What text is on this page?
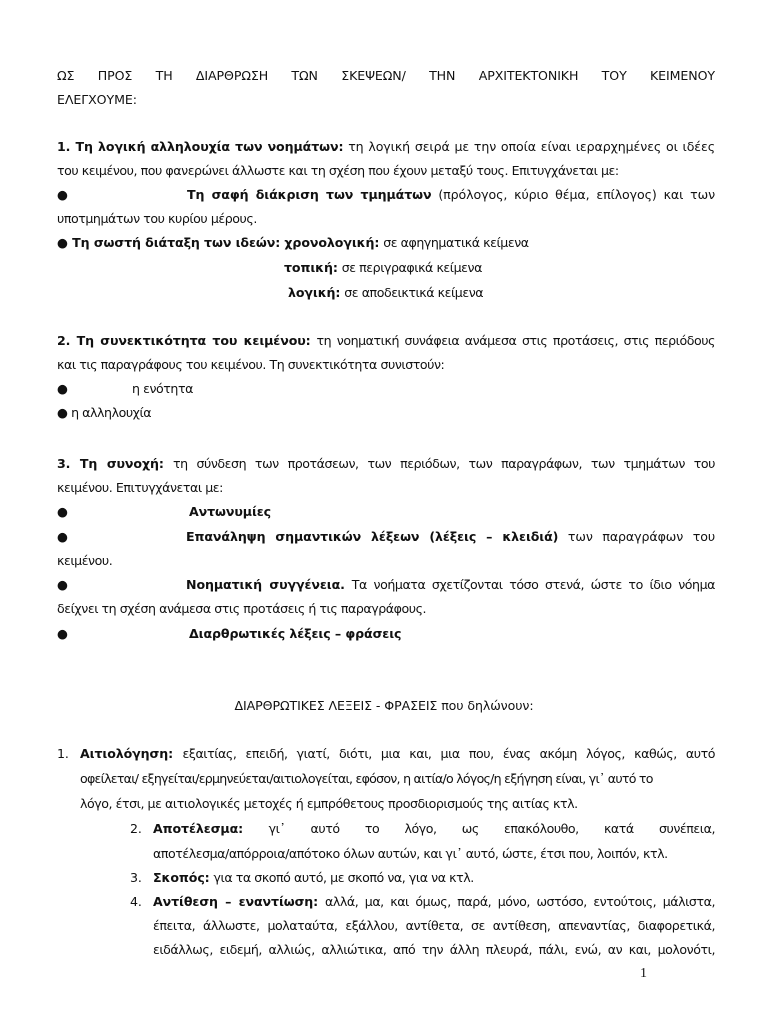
ΩΣ ΠΡΟΣ ΤΗ ΔΙΑΡΘΡΩΣΗ ΤΩΝ ΣΚΕΨΕΩΝ/ ΤΗΝ ΑΡΧΙΤΕΚΤΟΝΙΚΗ ΤΟΥ ΚΕΙΜΕΝΟΥ
ΕΛΕΓΧΟΥΜΕ:
1. Τη λογική αλληλουχία των νοημάτων: τη λογική σειρά με την οποία είναι ιεραρχημένες οι ιδέες
του κειμένου, που φανερώνει άλλωστε και τη σχέση που έχουν μεταξύ τους. Επιτυγχάνεται με:
●	Τη σαφή διάκριση των τμημάτων (πρόλογος, κύριο θέμα, επίλογος) και των
υποτμημάτων του κυρίου μέρους.
● Τη σωστή διάταξη των ιδεών: χρονολογική: σε αφηγηματικά κείμενα
τοπική: σε περιγραφικά κείμενα
λογική: σε αποδεικτικά κείμενα
2. Τη συνεκτικότητα του κειμένου: τη νοηματική συνάφεια ανάμεσα στις προτάσεις, στις περιόδους
και τις παραγράφους του κειμένου. Τη συνεκτικότητα συνιστούν:
●	η ενότητα
● η αλληλουχία
3. Τη συνοχή: τη σύνδεση των προτάσεων, των περιόδων, των παραγράφων, των τμημάτων του
κειμένου. Επιτυγχάνεται με:
●	Αντωνυμίες
●	Επανάληψη σημαντικών λέξεων (λέξεις – κλειδιά) των παραγράφων του
κειμένου.
●	Νοηματική συγγένεια. Τα νοήματα σχετίζονται τόσο στενά, ώστε το ίδιο νόημα
δείχνει τη σχέση ανάμεσα στις προτάσεις ή τις παραγράφους.
●	Διαρθρωτικές λέξεις – φράσεις
ΔΙΑΡΘΡΩΤΙΚΕΣ ΛΕΞΕΙΣ - ΦΡΑΣΕΙΣ που δηλώνουν:
1. Αιτιολόγηση: εξαιτίας, επειδή, γιατί, διότι, μια και, μια που, ένας ακόμη λόγος, καθώς, αυτό
οφείλεται/ εξηγείται/ερμηνεύεται/αιτιολογείται, εφόσον, η αιτία/ο λόγος/η εξήγηση είναι, γι᾽ αυτό το
λόγο, έτσι, με αιτιολογικές μετοχές ή εμπρόθετους προσδιορισμούς της αιτίας κτλ.
2. Αποτέλεσμα: γι᾽ αυτό το λόγο, ως επακόλουθο, κατά συνέπεια,
αποτέλεσμα/απόρροια/απότοκο όλων αυτών, και γι᾽ αυτό, ώστε, έτσι που, λοιπόν, κτλ.
3. Σκοπός: για τα σκοπό αυτό, με σκοπό να, για να κτλ.
4. Αντίθεση – εναντίωση: αλλά, μα, και όμως, παρά, μόνο, ωστόσο, εντούτοις, μάλιστα,
έπειτα, άλλωστε, μολαταύτα, εξάλλου, αντίθετα, σε αντίθεση, απεναντίας, διαφορετικά,
ειδάλλως, ειδεμή, αλλιώς, αλλιώτικα, από την άλλη πλευρά, πάλι, ενώ, αν και, μολονότι,
1
